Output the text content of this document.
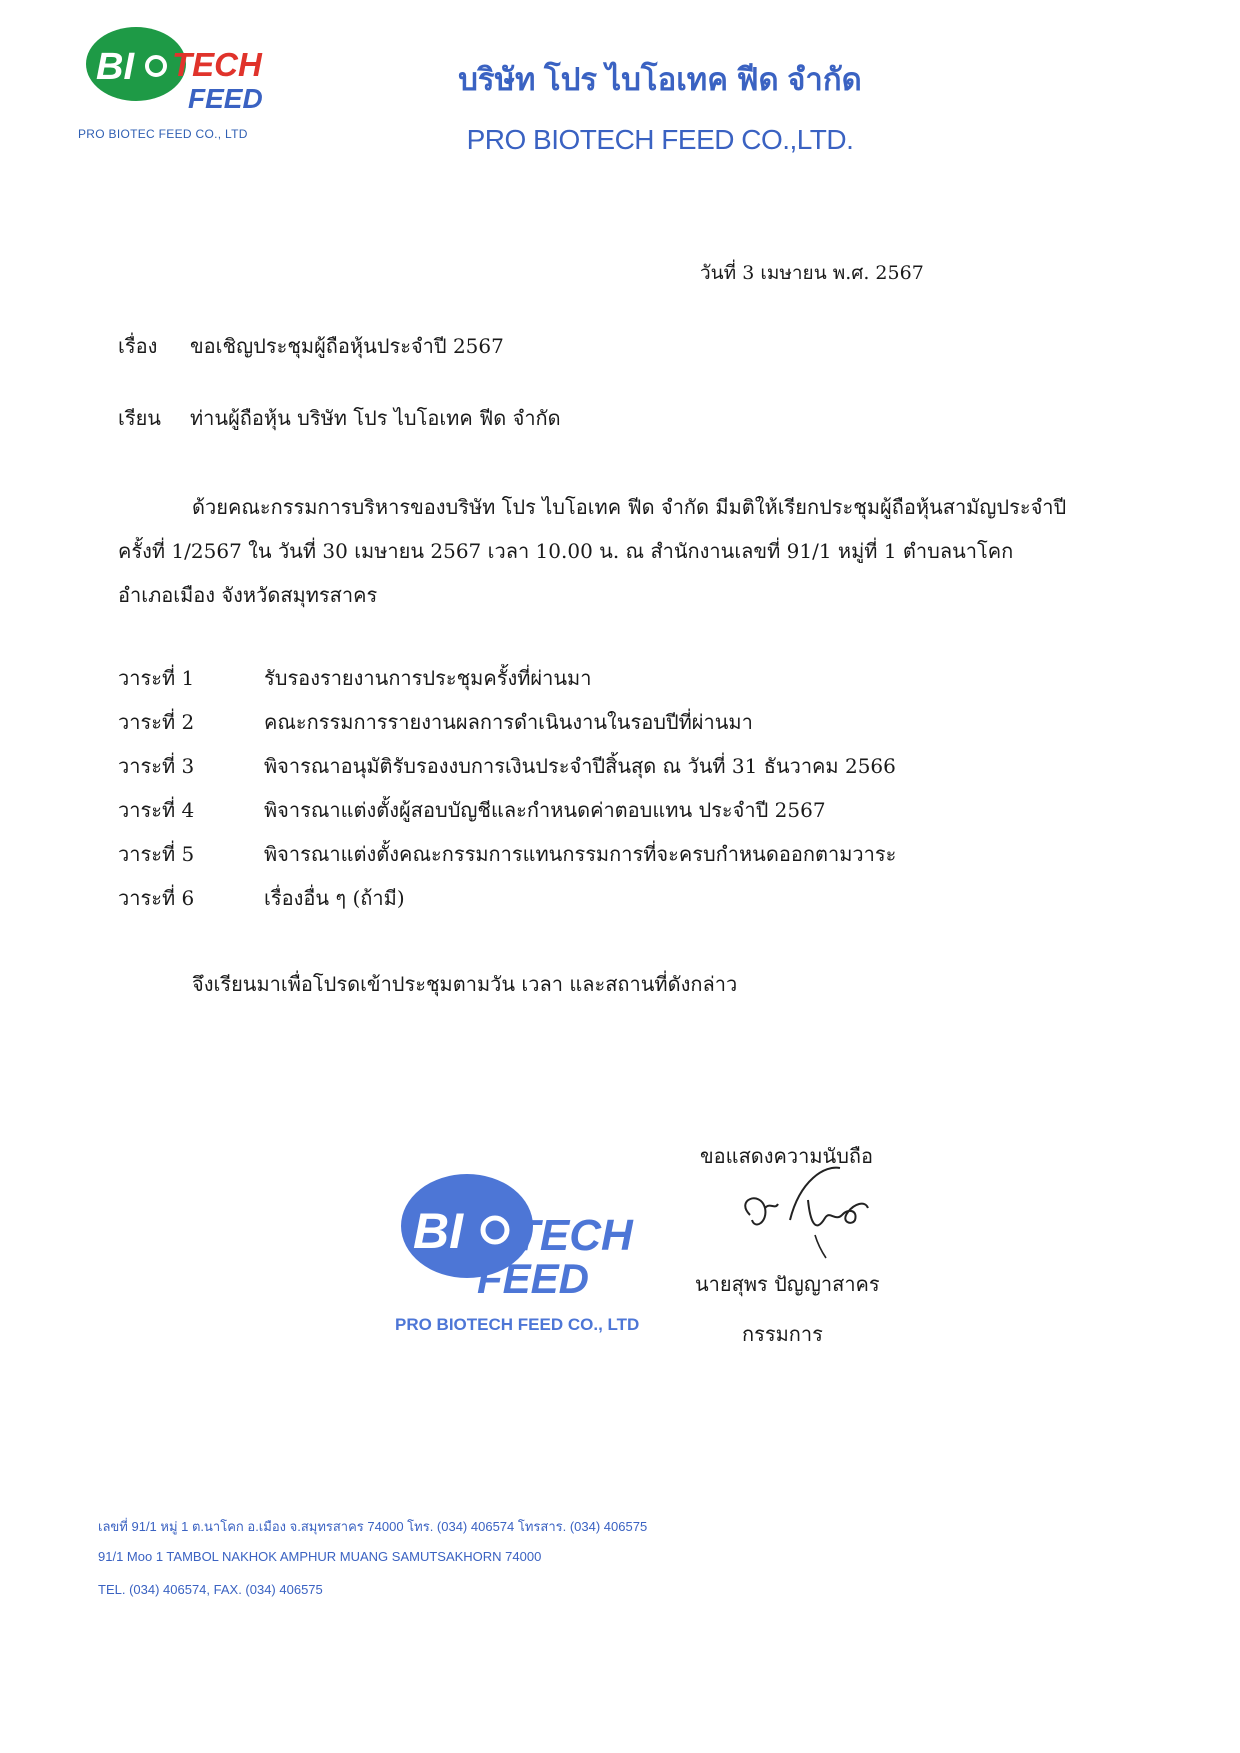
BI TECH
FEED
PRO BIOTEC FEED CO., LTD
บริษัท โปร ไบโอเทค ฟีด จำกัด
PRO BIOTECH FEED CO.,LTD.
วันที่ 3 เมษายน พ.ศ. 2567
เรื่อง ขอเชิญประชุมผู้ถือหุ้นประจำปี 2567
เรียน ท่านผู้ถือหุ้น บริษัท โปร ไบโอเทค ฟีด จำกัด
ด้วยคณะกรรมการบริหารของบริษัท โปร ไบโอเทค ฟีด จำกัด มีมติให้เรียกประชุมผู้ถือหุ้นสามัญประจำปี
ครั้งที่ 1/2567 ใน วันที่ 30 เมษายน 2567 เวลา 10.00 น. ณ สำนักงานเลขที่ 91/1 หมู่ที่ 1 ตำบลนาโคก
อำเภอเมือง จังหวัดสมุทรสาคร
วาระที่ 1	รับรองรายงานการประชุมครั้งที่ผ่านมา
วาระที่ 2	คณะกรรมการรายงานผลการดำเนินงานในรอบปีที่ผ่านมา
วาระที่ 3	พิจารณาอนุมัติรับรองงบการเงินประจำปีสิ้นสุด ณ วันที่ 31 ธันวาคม 2566
วาระที่ 4	พิจารณาแต่งตั้งผู้สอบบัญชีและกำหนดค่าตอบแทน ประจำปี 2567
วาระที่ 5	พิจารณาแต่งตั้งคณะกรรมการแทนกรรมการที่จะครบกำหนดออกตามวาระ
วาระที่ 6	เรื่องอื่น ๆ (ถ้ามี)
จึงเรียนมาเพื่อโปรดเข้าประชุมตามวัน เวลา และสถานที่ดังกล่าว
ขอแสดงความนับถือ
BI TECH
FEED
PRO BIOTECH FEED CO., LTD
นายสุพร ปัญญาสาคร
กรรมการ
เลขที่ 91/1 หมู่ 1 ต.นาโคก อ.เมือง จ.สมุทรสาคร 74000 โทร. (034) 406574 โทรสาร. (034) 406575
91/1 Moo 1 TAMBOL NAKHOK AMPHUR MUANG SAMUTSAKHORN 74000
TEL. (034) 406574, FAX. (034) 406575
